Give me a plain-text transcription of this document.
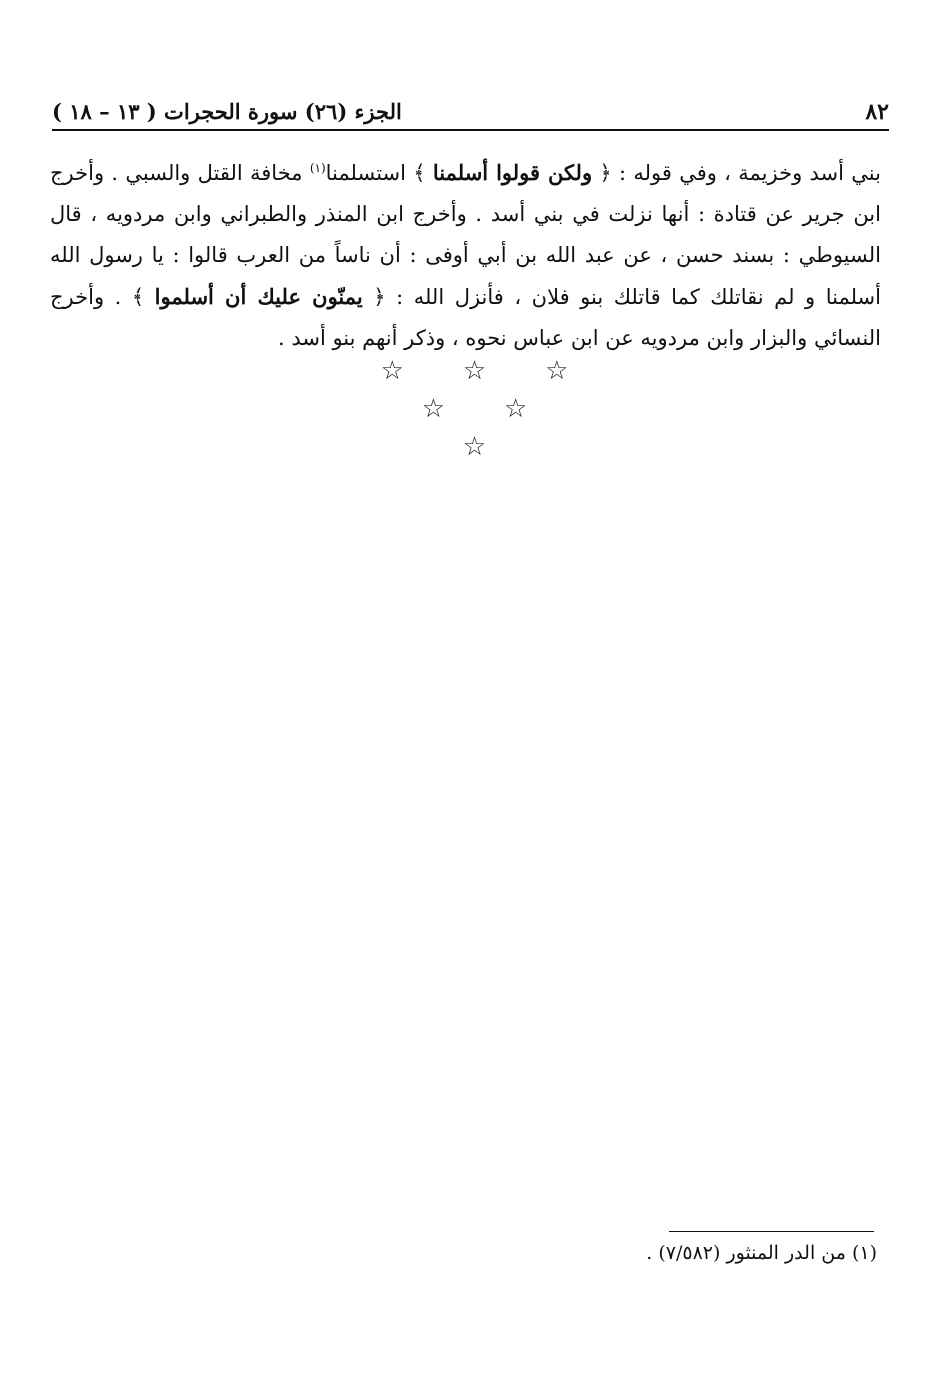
٨٢
الجزء (٢٦) سورة الحجرات ( ١٣ – ١٨ )
بني أسد وخزيمة ، وفي قوله : ﴿ ولكن قولوا أسلمنا ﴾ استسلمنا$^{(١)}$ مخافة القتل والسبي . وأخرج ابن جرير عن قتادة : أنها نزلت في بني أسد . وأخرج ابن المنذر والطبراني وابن مردويه ، قال السيوطي : بسند حسن ، عن عبد الله بن أبي أوفى : أن ناساً من العرب قالوا : يا رسول الله أسلمنا و لم نقاتلك كما قاتلك بنو فلان ، فأنزل الله : ﴿ يمنّون عليك أن أسلموا ﴾ . وأخرج النسائي والبزار وابن مردويه عن ابن عباس نحوه ، وذكر أنهم بنو أسد .
☆ ☆ ☆
☆ ☆
☆
(١) من الدر المنثور (٧/٥٨٢) .
